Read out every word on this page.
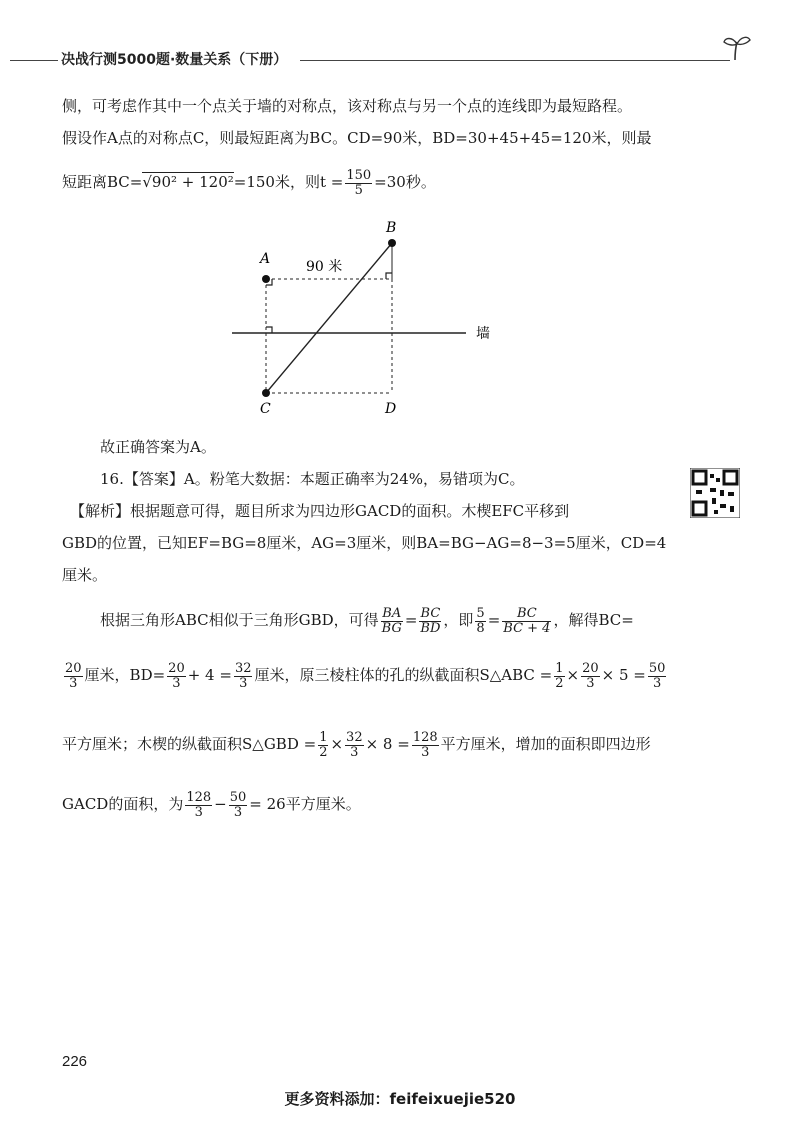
决战行测5000题·数量关系（下册）
侧，可考虑作其中一个点关于墙的对称点，该对称点与另一个点的连线即为最短路程。
假设作A点的对称点C，则最短距离为BC。CD=90米，BD=30+45+45=120米，则最
短距离BC=√90² + 120²=150米，则$t = \frac{150}{5} =30$秒。
A
B
C	D
90 米
墙
故正确答案为A。
16.【答案】A。粉笔大数据：本题正确率为24%，易错项为C。
【解析】根据题意可得，题目所求为四边形GACD的面积。木楔EFC平移到
GBD的位置，已知EF=BG=8厘米，AG=3厘米，则BA=BG−AG=8−3=5厘米，CD=4
厘米。
根据三角形ABC相似于三角形GBD，可得 $\frac{BA}{BG} = \frac{BC}{BD}$ ，即 $\frac{5}{8} = \frac{BC}{BC + 4}$ ，解得BC=
$\frac{20}{3}$ 厘米，$BD= \frac{20}{3} + 4 = \frac{32}{3}$ 厘米，原三棱柱体的孔的纵截面积S△ABC = $\frac{1}{2} \times \frac{20}{3} \times 5 = \frac{50}{3}$
平方厘米；木楔的纵截面积S△GBD = $\frac{1}{2} \times \frac{32}{3} \times 8 = \frac{128}{3}$ 平方厘米，增加的面积即四边形
GACD的面积，为 $\frac{128}{3} - \frac{50}{3} = 26$平方厘米。
226
更多资料添加：feifeixuejie520
